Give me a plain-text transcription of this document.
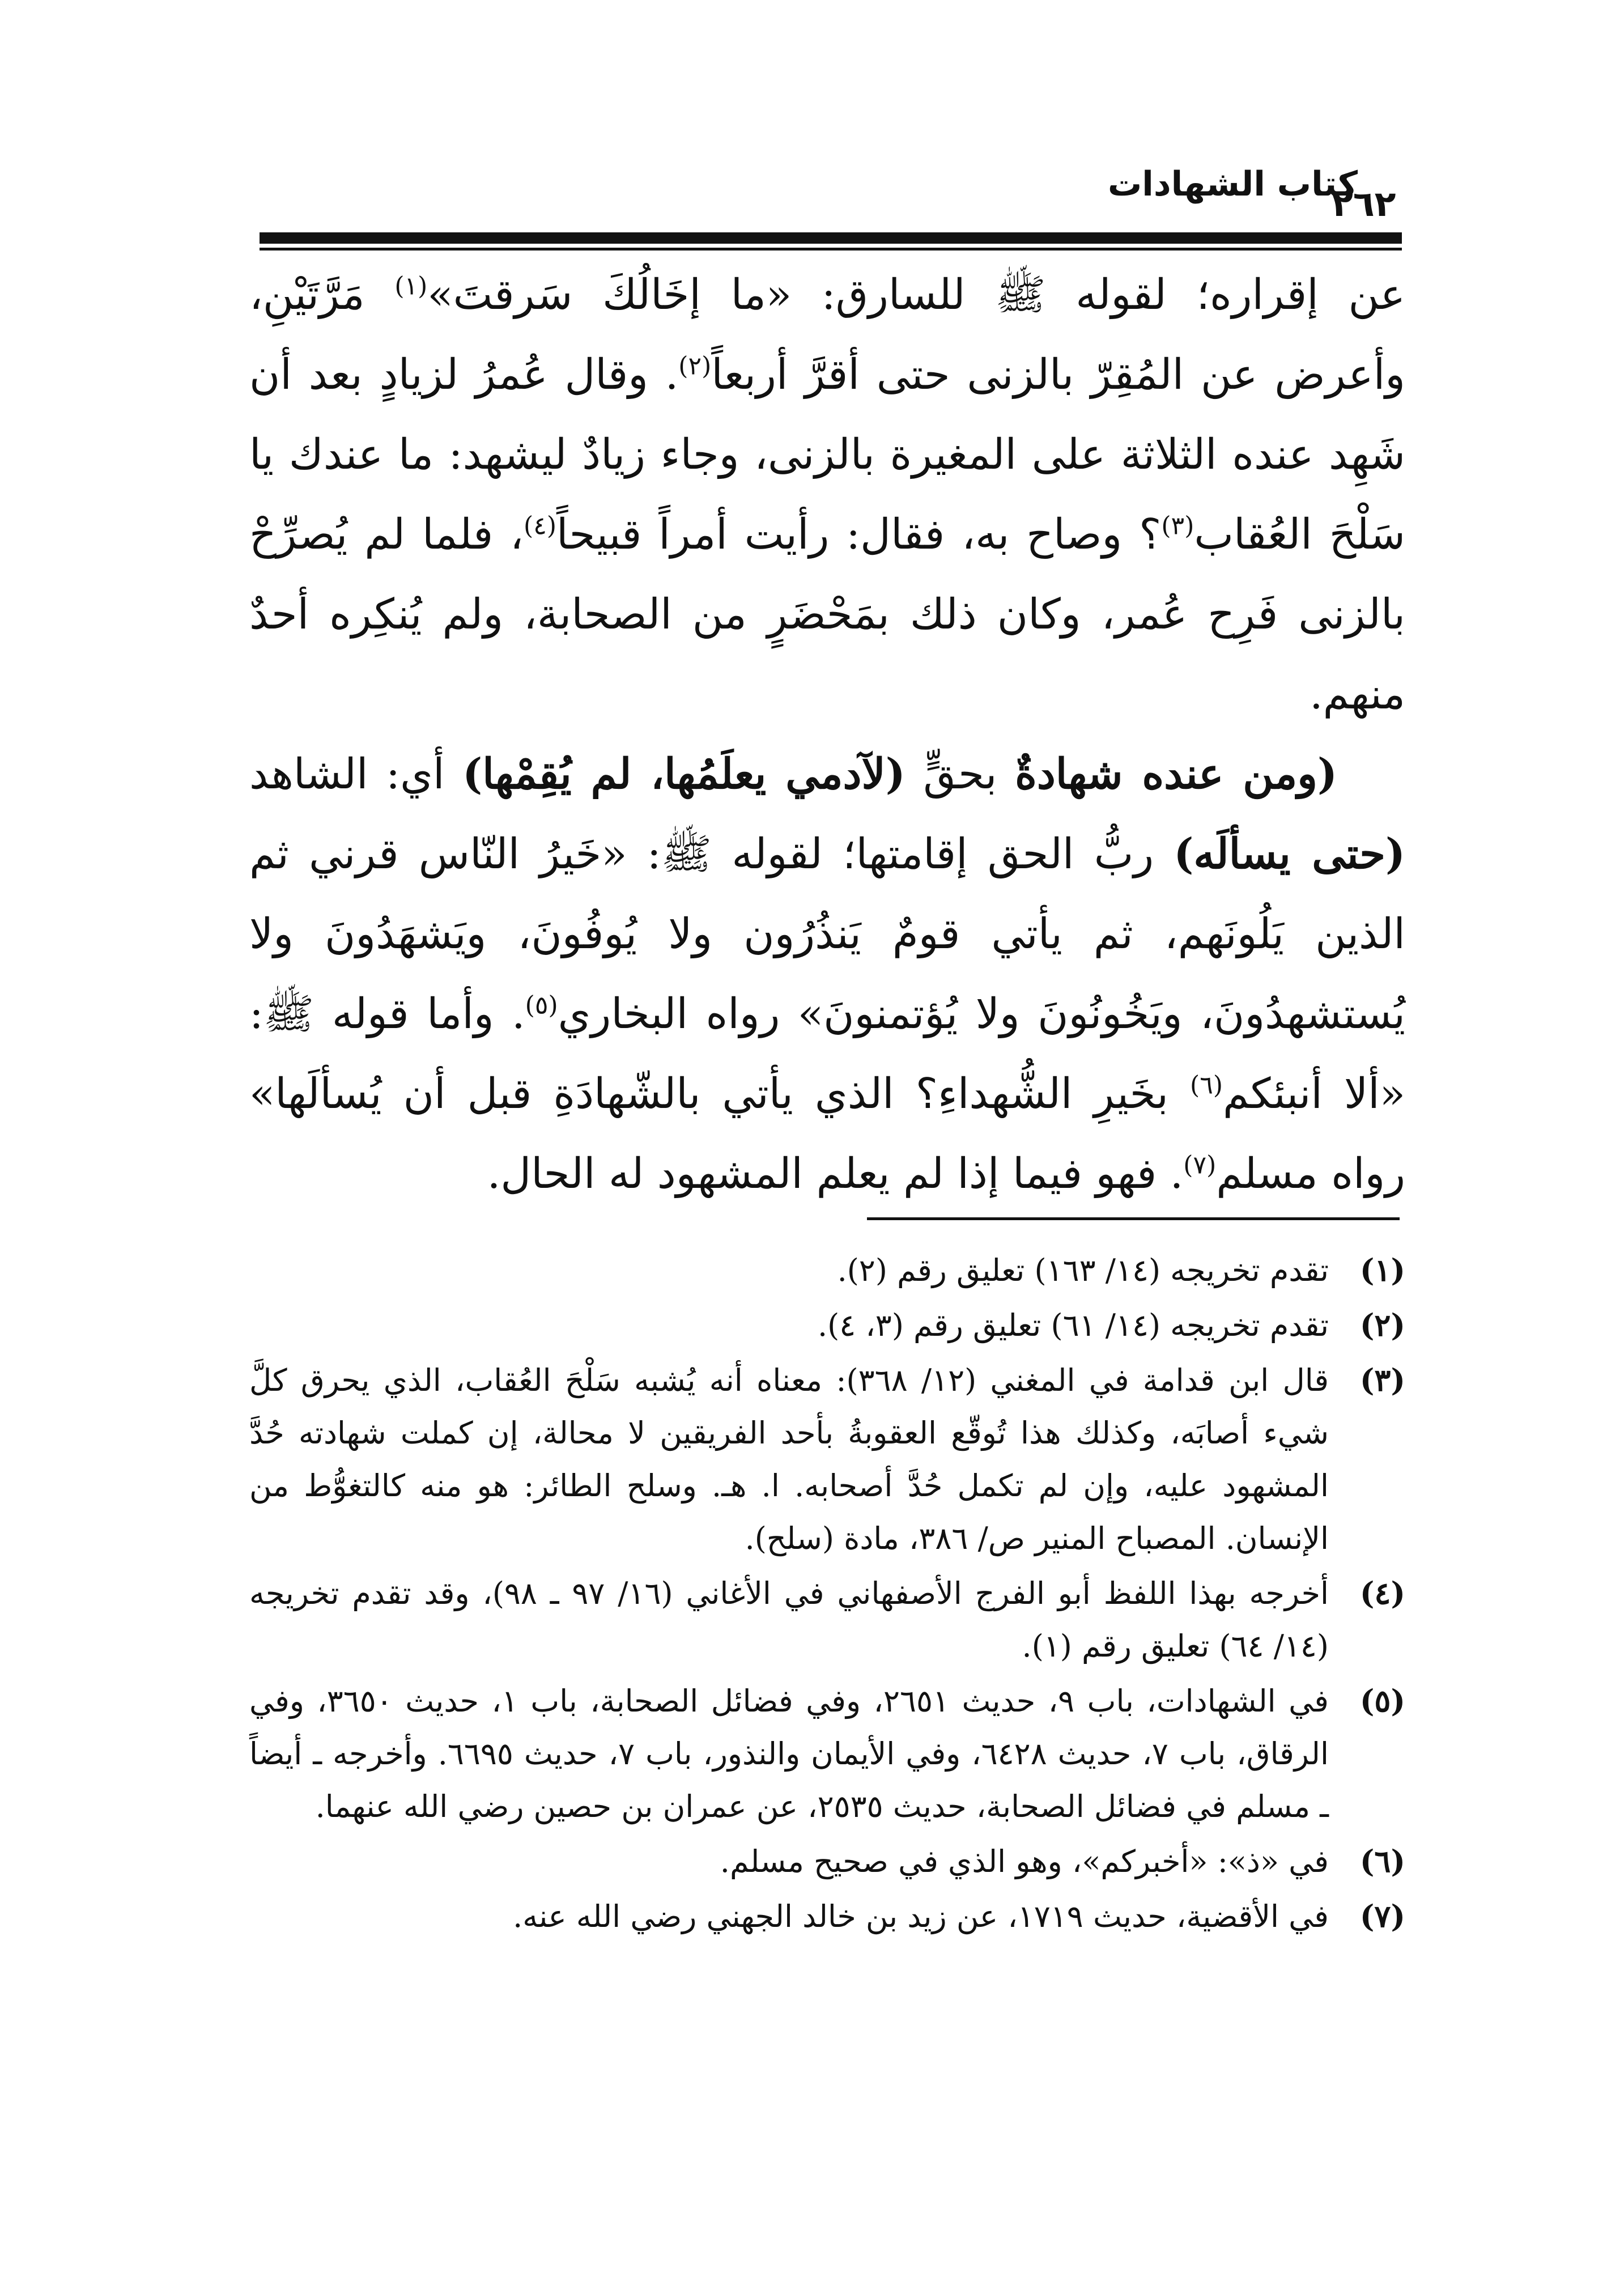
كتاب الشهادات
٢٦٢

عن إقراره؛ لقوله ﷺ للسارق: «ما إخَالُكَ سَرقتَ»$^{(١)}$ مَرَّتَيْنِ، وأعرض عن المُقِرّ بالزنى حتى أقرَّ أربعاً$^{(٢)}$. وقال عُمرُ لزيادٍ بعد أن شَهِد عنده الثلاثة على المغيرة بالزنى، وجاء زيادٌ ليشهد: ما عندك يا سَلْحَ العُقاب$^{(٣)}$؟ وصاح به، فقال: رأيت أمراً قبيحاً$^{(٤)}$، فلما لم يُصرِّحْ بالزنى فَرِح عُمر، وكان ذلك بمَحْضَرٍ من الصحابة، ولم يُنكِره أحدٌ منهم.

(ومن عنده شهادةٌ بحقٍّ (لآدمي يعلَمُها، لم يُقِمْها) أي: الشاهد (حتى يسألَه) ربُّ الحق إقامتها؛ لقوله ﷺ: «خَيرُ النّاس قرني ثم الذين يَلُونَهم، ثم يأتي قومٌ يَنذُرُون ولا يُوفُونَ، ويَشهَدُونَ ولا يُستشهدُونَ، ويَخُونُونَ ولا يُؤتمنونَ» رواه البخاري$^{(٥)}$. وأما قوله ﷺ: «ألا أنبئكم$^{(٦)}$ بخَيرِ الشُّهداءِ؟ الذي يأتي بالشّهادَةِ قبل أن يُسألَها» رواه مسلم$^{(٧)}$. فهو فيما إذا لم يعلم المشهود له الحال.

(١)
تقدم تخريجه (١٤/ ١٦٣) تعليق رقم (٢).
(٢)
تقدم تخريجه (١٤/ ٦١) تعليق رقم (٣، ٤).
(٣)
قال ابن قدامة في المغني (١٢/ ٣٦٨): معناه أنه يُشبه سَلْحَ العُقاب، الذي يحرق كلَّ شيء أصابَه، وكذلك هذا تُوقّع العقوبةُ بأحد الفريقين لا محالة، إن كملت شهادته حُدَّ المشهود عليه، وإن لم تكمل حُدَّ أصحابه. ا. هـ. وسلح الطائر: هو منه كالتغوُّط من الإنسان. المصباح المنير ص/ ٣٨٦، مادة (سلح).
(٤)
أخرجه بهذا اللفظ أبو الفرج الأصفهاني في الأغاني (١٦/ ٩٧ ـ ٩٨)، وقد تقدم تخريجه (١٤/ ٦٤) تعليق رقم (١).
(٥)
في الشهادات، باب ٩، حديث ٢٦٥١، وفي فضائل الصحابة، باب ١، حديث ٣٦٥٠، وفي الرقاق، باب ٧، حديث ٦٤٢٨، وفي الأيمان والنذور، باب ٧، حديث ٦٦٩٥. وأخرجه ـ أيضاً ـ مسلم في فضائل الصحابة، حديث ٢٥٣٥، عن عمران بن حصين رضي الله عنهما.
(٦)
في «ذ»: «أخبركم»، وهو الذي في صحيح مسلم.
(٧)
في الأقضية، حديث ١٧١٩، عن زيد بن خالد الجهني رضي الله عنه.
